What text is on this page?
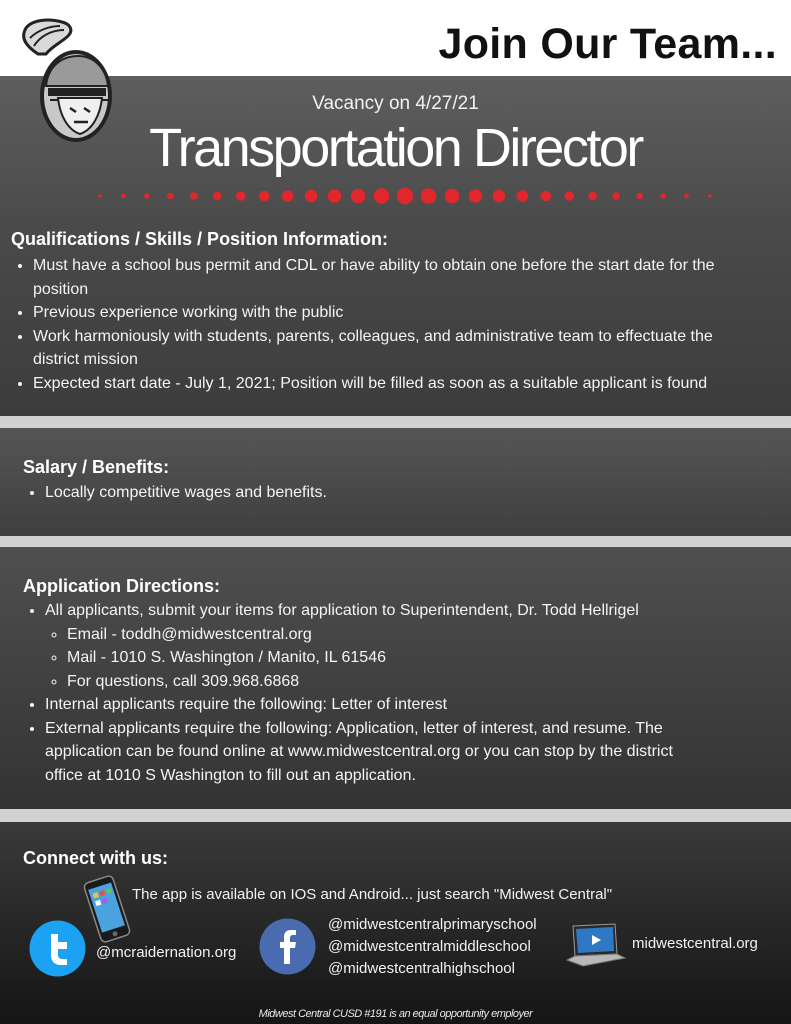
Join Our Team...
Vacancy on 4/27/21
Transportation Director
Qualifications / Skills / Position Information:
• Must have a school bus permit and CDL or have ability to obtain one before the start date for the position
• Previous experience working with the public
• Work harmoniously with students, parents, colleagues, and administrative team to effectuate the district mission
• Expected start date - July 1, 2021; Position will be filled as soon as a suitable applicant is found
Salary / Benefits:
• Locally competitive wages and benefits.
Application Directions:
• All applicants, submit your items for application to Superintendent, Dr. Todd Hellrigel
◦ Email - toddh@midwestcentral.org
◦ Mail - 1010 S. Washington / Manito, IL 61546
◦ For questions, call 309.968.6868
• Internal applicants require the following: Letter of interest
• External applicants require the following: Application, letter of interest, and resume. The application can be found online at www.midwestcentral.org or you can stop by the district office at 1010 S Washington to fill out an application.
Connect with us:
The app is available on IOS and Android... just search "Midwest Central"
@mcraidernation.org
@midwestcentralprimaryschool
@midwestcentralmiddleschool
@midwestcentralhighschool
midwestcentral.org
Midwest Central CUSD #191 is an equal opportunity employer
